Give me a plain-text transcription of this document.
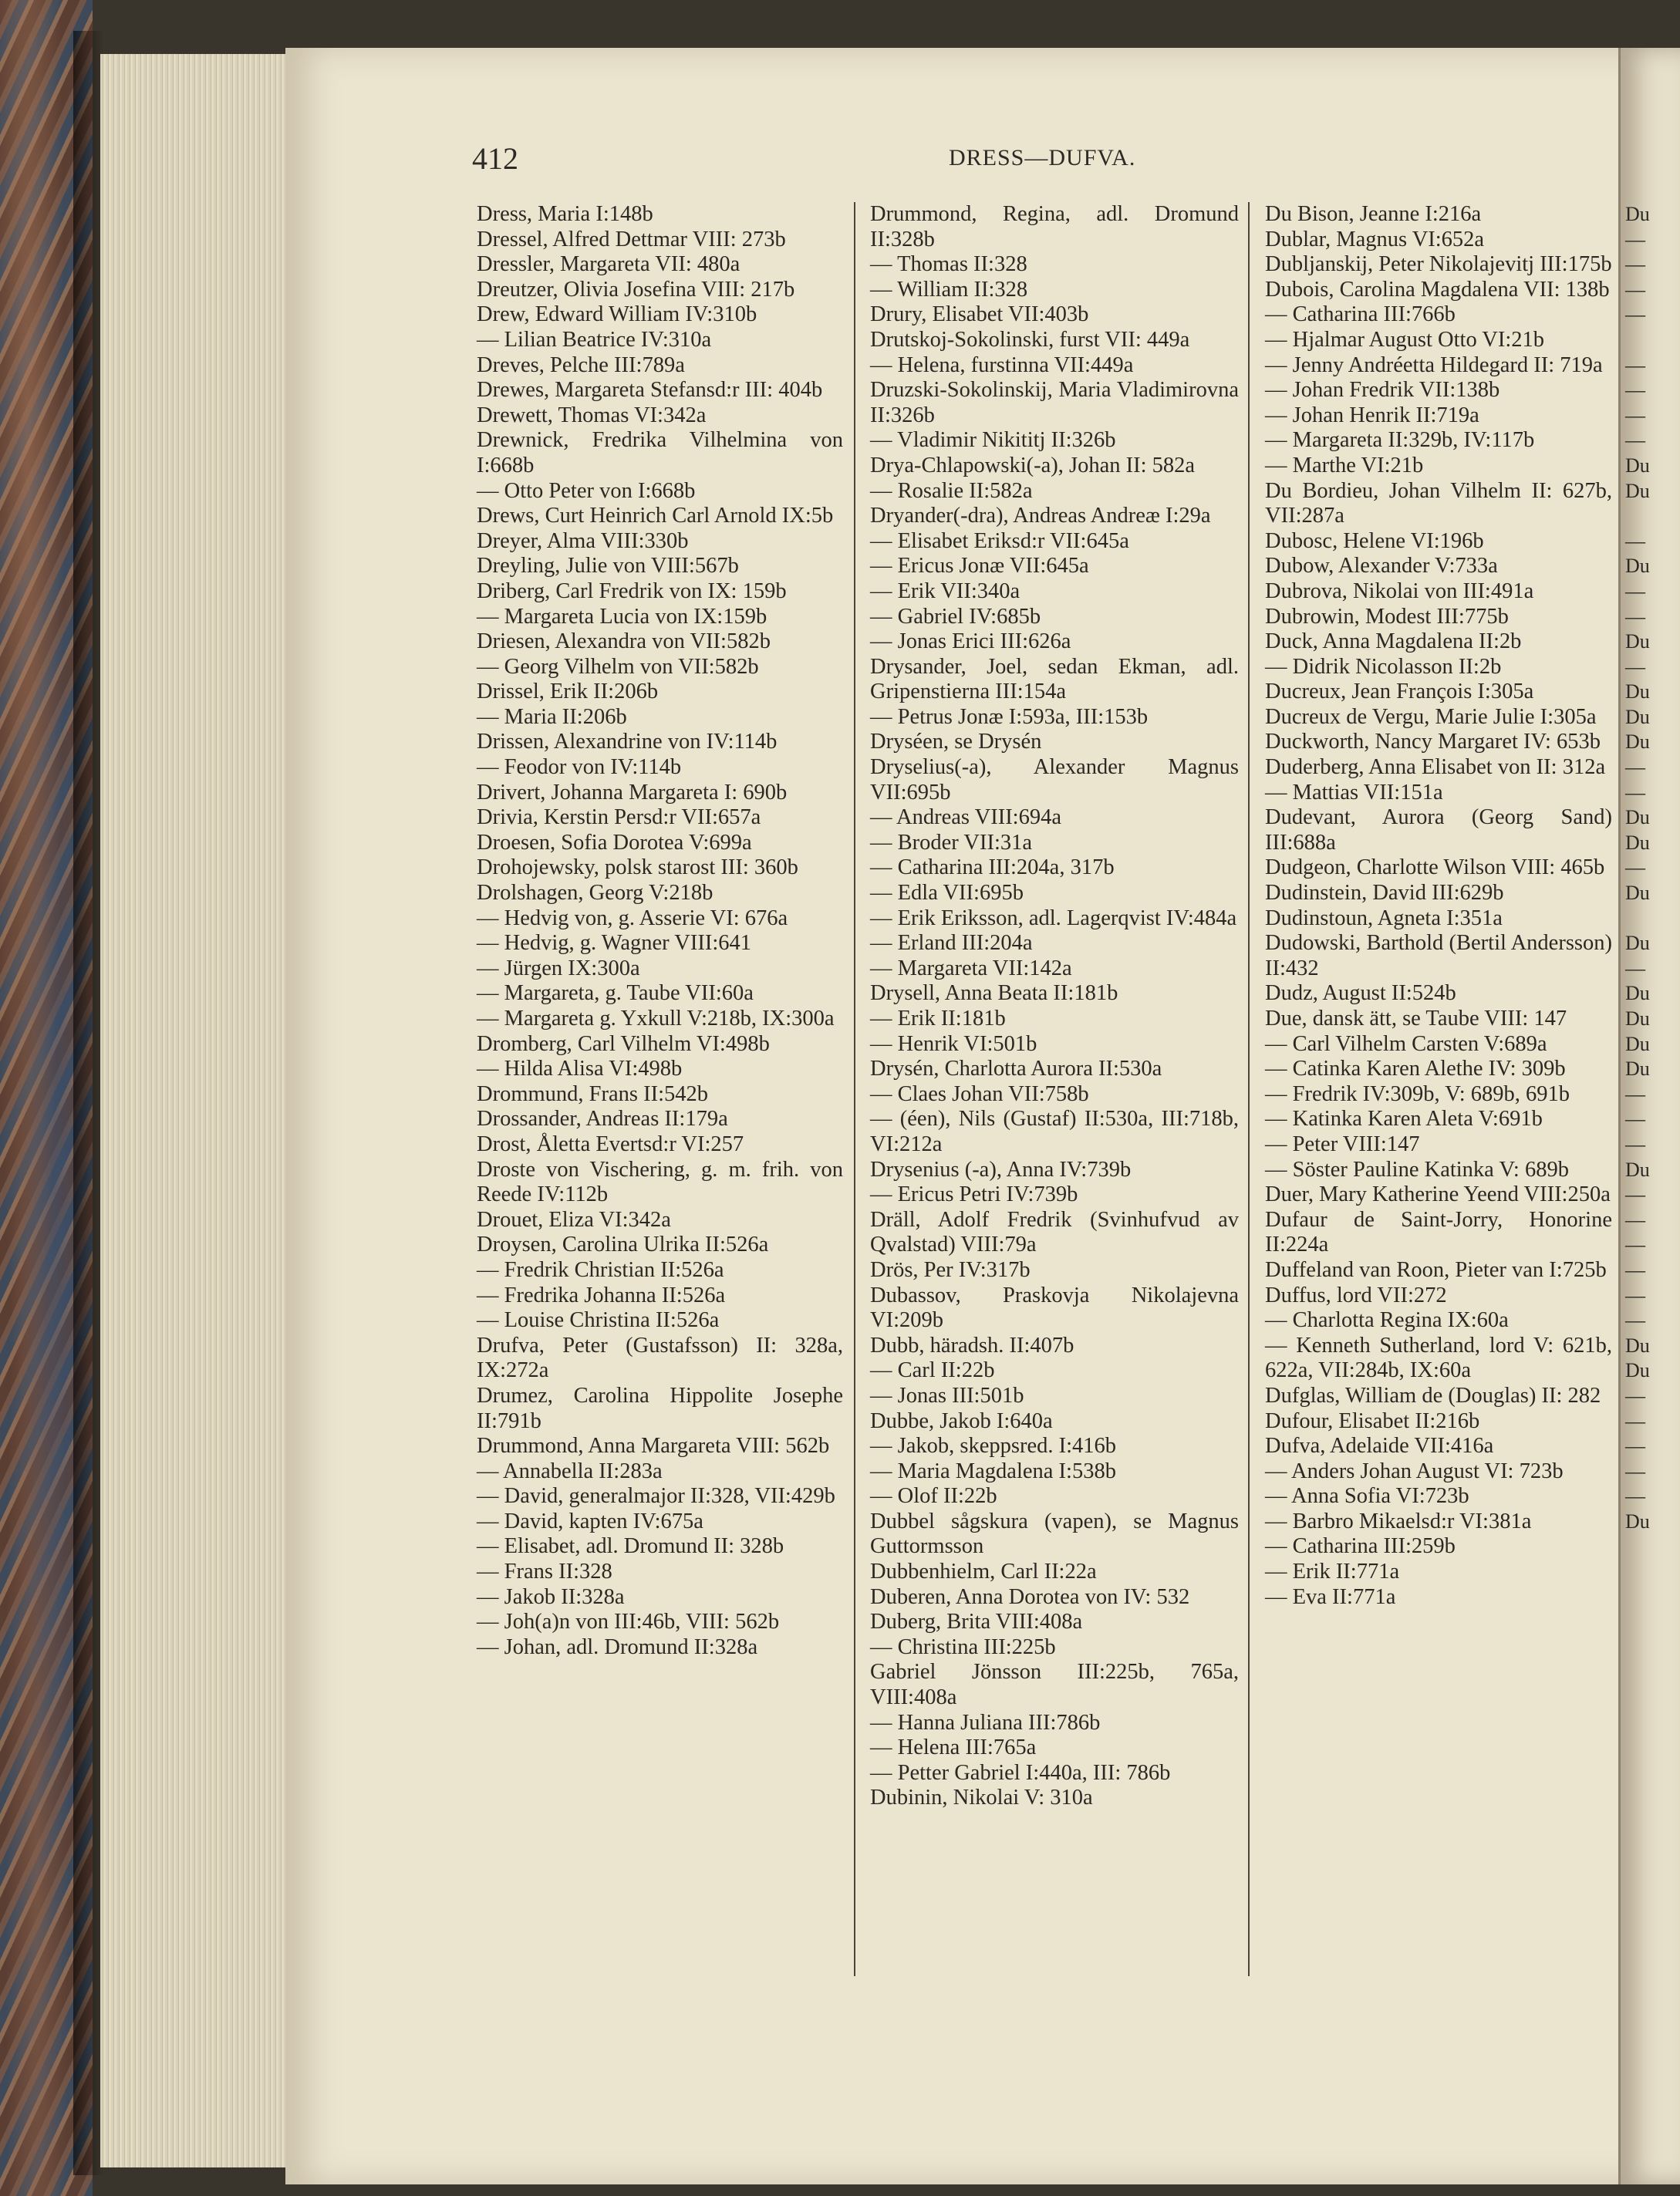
Du
—
—
—
—
—
—
—
—
Du
Du
—
Du
—
—
Du
—
Du
Du
Du
—
—
Du
Du
—
Du
Du
—
Du
Du
Du
Du
—
—
—
Du
—
—
—
—
—
—
Du
Du
—
—
—
—
—
Du
412	DRESS—DUFVA.

Dress, Maria I:148b

Dressel, Alfred Dettmar VIII: 273b

Dressler, Margareta VII: 480a

Dreutzer, Olivia Josefina VIII: 217b

Drew, Edward William IV:310b

— Lilian Beatrice IV:310a

Dreves, Pelche III:789a

Drewes, Margareta Stefansd:r III: 404b

Drewett, Thomas VI:342a

Drewnick, Fredrika Vilhelmina von I:668b

— Otto Peter von I:668b

Drews, Curt Heinrich Carl Arnold IX:5b

Dreyer, Alma VIII:330b

Dreyling, Julie von VIII:567b

Driberg, Carl Fredrik von IX: 159b

— Margareta Lucia von IX:159b

Driesen, Alexandra von VII:582b

— Georg Vilhelm von VII:582b

Drissel, Erik II:206b

— Maria II:206b

Drissen, Alexandrine von IV:114b

— Feodor von IV:114b

Drivert, Johanna Margareta I: 690b

Drivia, Kerstin Persd:r VII:657a

Droesen, Sofia Dorotea V:699a

Drohojewsky, polsk starost III: 360b

Drolshagen, Georg V:218b

— Hedvig von, g. Asserie VI: 676a

— Hedvig, g. Wagner VIII:641

— Jürgen IX:300a

— Margareta, g. Taube VII:60a

— Margareta g. Yxkull V:218b, IX:300a

Dromberg, Carl Vilhelm VI:498b

— Hilda Alisa VI:498b

Drommund, Frans II:542b

Drossander, Andreas II:179a

Drost, Åletta Evertsd:r VI:257

Droste von Vischering, g. m. frih. von Reede IV:112b

Drouet, Eliza VI:342a

Droysen, Carolina Ulrika II:526a

— Fredrik Christian II:526a

— Fredrika Johanna II:526a

— Louise Christina II:526a

Drufva, Peter (Gustafsson) II: 328a, IX:272a

Drumez, Carolina Hippolite Josephe II:791b

Drummond, Anna Margareta VIII: 562b

— Annabella II:283a

— David, generalmajor II:328, VII:429b

— David, kapten IV:675a

— Elisabet, adl. Dromund II: 328b

— Frans II:328

— Jakob II:328a

— Joh(a)n von III:46b, VIII: 562b

— Johan, adl. Dromund II:328a

Drummond, Regina, adl. Dromund II:328b

— Thomas II:328

— William II:328

Drury, Elisabet VII:403b

Drutskoj-Sokolinski, furst VII: 449a

— Helena, furstinna VII:449a

Druzski-Sokolinskij, Maria Vladimirovna II:326b

— Vladimir Nikititj II:326b

Drya-Chlapowski(-a), Johan II: 582a

— Rosalie II:582a

Dryander(-dra), Andreas Andreæ I:29a

— Elisabet Eriksd:r VII:645a

— Ericus Jonæ VII:645a

— Erik VII:340a

— Gabriel IV:685b

— Jonas Erici III:626a

Drysander, Joel, sedan Ekman, adl. Gripenstierna III:154a

— Petrus Jonæ I:593a, III:153b

Dryséen, se Drysén

Dryselius(-a), Alexander Magnus VII:695b

— Andreas VIII:694a

— Broder VII:31a

— Catharina III:204a, 317b

— Edla VII:695b

— Erik Eriksson, adl. Lagerqvist IV:484a

— Erland III:204a

— Margareta VII:142a

Drysell, Anna Beata II:181b

— Erik II:181b

— Henrik VI:501b

Drysén, Charlotta Aurora II:530a

— Claes Johan VII:758b

— (éen), Nils (Gustaf) II:530a, III:718b, VI:212a

Drysenius (-a), Anna IV:739b

— Ericus Petri IV:739b

Dräll, Adolf Fredrik (Svinhufvud av Qvalstad) VIII:79a

Drös, Per IV:317b

Dubassov, Praskovja Nikolajevna VI:209b

Dubb, häradsh. II:407b

— Carl II:22b

— Jonas III:501b

Dubbe, Jakob I:640a

— Jakob, skeppsred. I:416b

— Maria Magdalena I:538b

— Olof II:22b

Dubbel sågskura (vapen), se Magnus Guttormsson

Dubbenhielm, Carl II:22a

Duberen, Anna Dorotea von IV: 532

Duberg, Brita VIII:408a

— Christina III:225b

Gabriel Jönsson III:225b, 765a, VIII:408a

— Hanna Juliana III:786b

— Helena III:765a

— Petter Gabriel I:440a, III: 786b

Dubinin, Nikolai V: 310a

Du Bison, Jeanne I:216a

Dublar, Magnus VI:652a

Dubljanskij, Peter Nikolajevitj III:175b

Dubois, Carolina Magdalena VII: 138b

— Catharina III:766b

— Hjalmar August Otto VI:21b

— Jenny Andréetta Hildegard II: 719a

— Johan Fredrik VII:138b

— Johan Henrik II:719a

— Margareta II:329b, IV:117b

— Marthe VI:21b

Du Bordieu, Johan Vilhelm II: 627b, VII:287a

Dubosc, Helene VI:196b

Dubow, Alexander V:733a

Dubrova, Nikolai von III:491a

Dubrowin, Modest III:775b

Duck, Anna Magdalena II:2b

— Didrik Nicolasson II:2b

Ducreux, Jean François I:305a

Ducreux de Vergu, Marie Julie I:305a

Duckworth, Nancy Margaret IV: 653b

Duderberg, Anna Elisabet von II: 312a

— Mattias VII:151a

Dudevant, Aurora (Georg Sand) III:688a

Dudgeon, Charlotte Wilson VIII: 465b

Dudinstein, David III:629b

Dudinstoun, Agneta I:351a

Dudowski, Barthold (Bertil Andersson) II:432

Dudz, August II:524b

Due, dansk ätt, se Taube VIII: 147

— Carl Vilhelm Carsten V:689a

— Catinka Karen Alethe IV: 309b

— Fredrik IV:309b, V: 689b, 691b

— Katinka Karen Aleta V:691b

— Peter VIII:147

— Söster Pauline Katinka V: 689b

Duer, Mary Katherine Yeend VIII:250a

Dufaur de Saint-Jorry, Honorine II:224a

Duffeland van Roon, Pieter van I:725b

Duffus, lord VII:272

— Charlotta Regina IX:60a

— Kenneth Sutherland, lord V: 621b, 622a, VII:284b, IX:60a

Dufglas, William de (Douglas) II: 282

Dufour, Elisabet II:216b

Dufva, Adelaide VII:416a

— Anders Johan August VI: 723b

— Anna Sofia VI:723b

— Barbro Mikaelsd:r VI:381a

— Catharina III:259b

— Erik II:771a

— Eva II:771a
